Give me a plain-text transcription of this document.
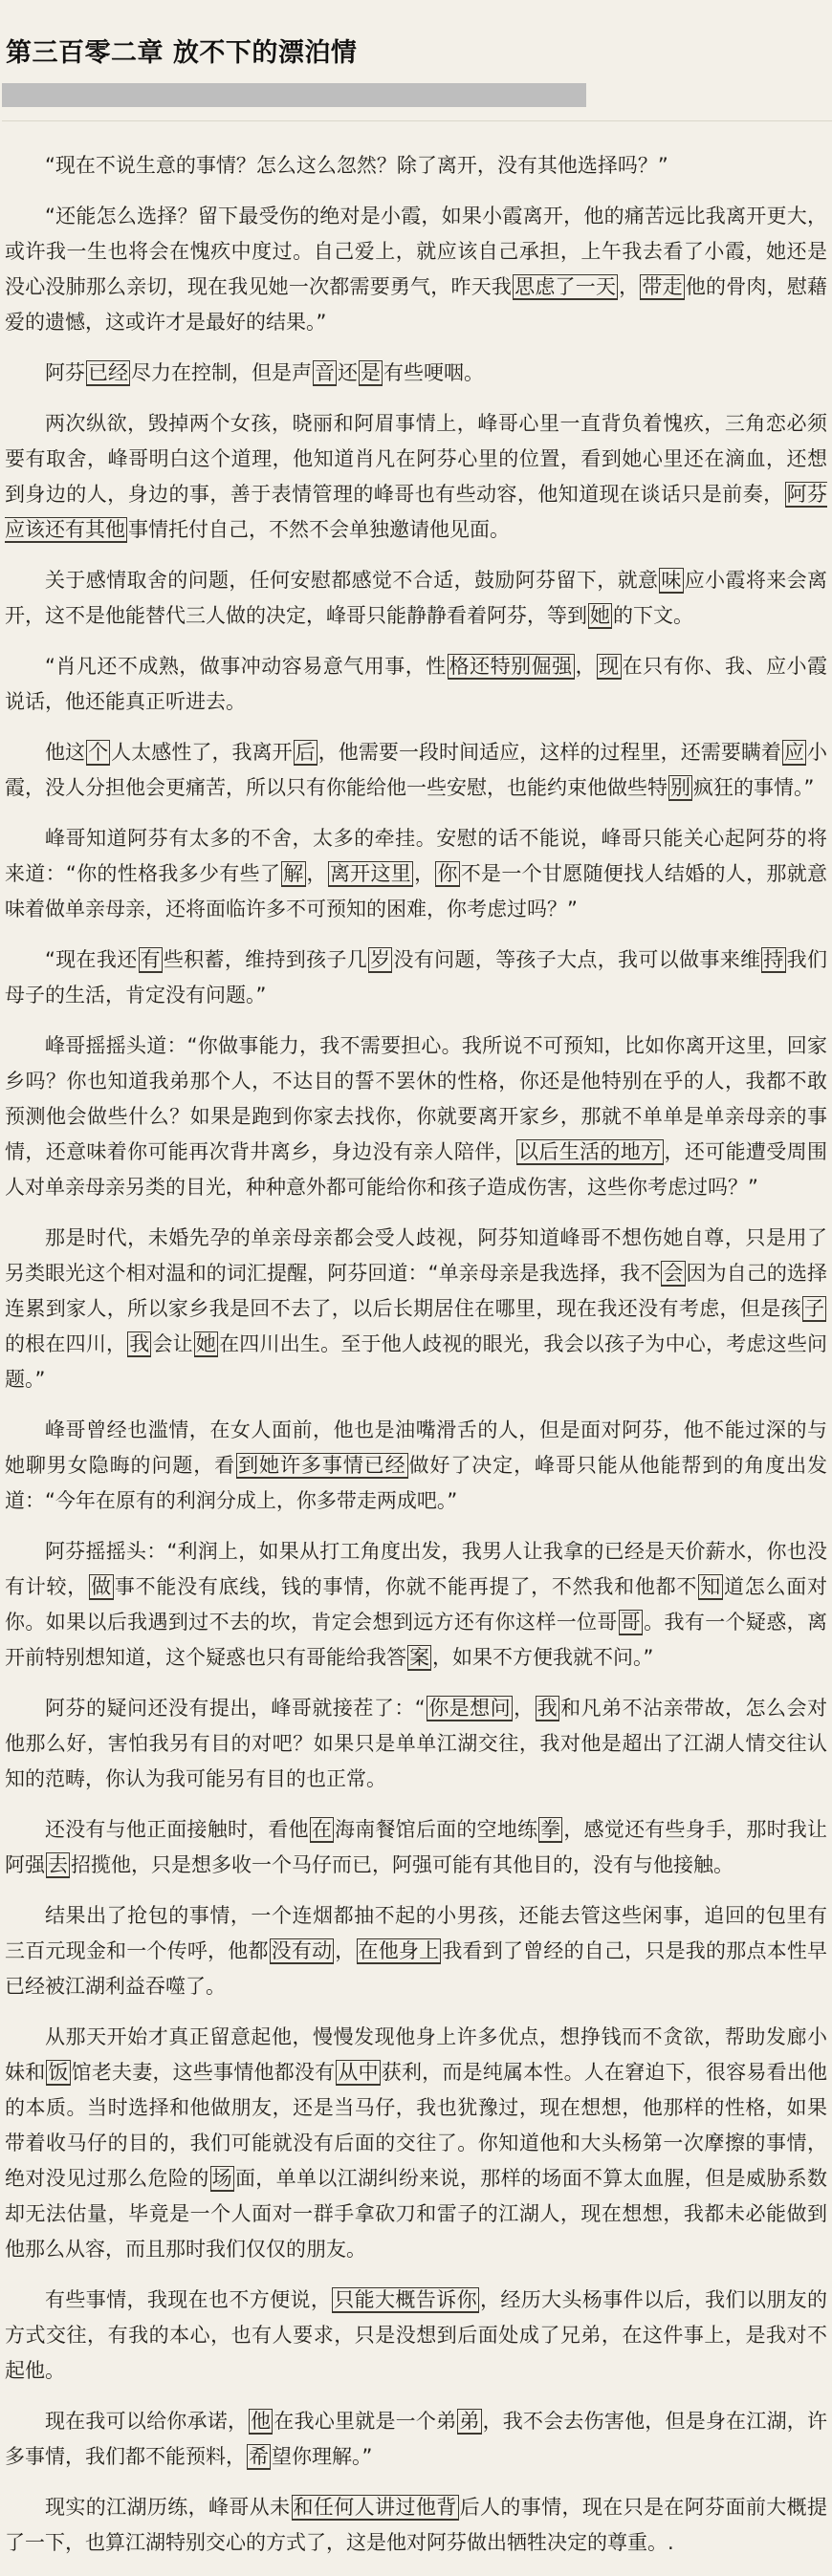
第三百零二章 放不下的漂泊情

“现在不说生意的事情？怎么这么忽然？除了离开，没有其他选择吗？”

“还能怎么选择？留下最受伤的绝对是小霞，如果小霞离开，他的痛苦远比我离开更大，或许我一生也将会在愧疚中度过。自己爱上，就应该自己承担，上午我去看了小霞，她还是没心没肺那么亲切，现在我见她一次都需要勇气，昨天我 思虑了一天 ， 带走 他的骨肉，慰藉爱的遗憾，这或许才是最好的结果。”

阿芬 已经 尽力在控制，但是声 音 还 是 有些哽咽。

两次纵欲，毁掉两个女孩，晓丽和阿眉事情上，峰哥心里一直背负着愧疚，三角恋必须要有取舍，峰哥明白这个道理，他知道肖凡在阿芬心里的位置，看到她心里还在滴血，还想到身边的人，身边的事，善于表情管理的峰哥也有些动容，他知道现在谈话只是前奏， 阿芬应该还有其他 事情托付自己，不然不会单独邀请他见面。

关于感情取舍的问题，任何安慰都感觉不合适，鼓励阿芬留下，就意 味 应小霞将来会离开，这不是他能替代三人做的决定，峰哥只能静静看着阿芬，等到 她 的下文。

“肖凡还不成熟，做事冲动容易意气用事，性 格还特别倔强 ， 现 在只有你、我、应小霞说话，他还能真正听进去。

他这 个 人太感性了，我离开 后 ，他需要一段时间适应，这样的过程里，还需要瞒着 应 小霞，没人分担他会更痛苦，所以只有你能给他一些安慰，也能约束他做些特 别 疯狂的事情。”

峰哥知道阿芬有太多的不舍，太多的牵挂。安慰的话不能说，峰哥只能关心起阿芬的将来道：“你的性格我多少有些了 解 ， 离开这里 ， 你 不是一个甘愿随便找人结婚的人，那就意味着做单亲母亲，还将面临许多不可预知的困难，你考虑过吗？”

“现在我还 有 些积蓄，维持到孩子几 岁 没有问题，等孩子大点，我可以做事来维 持 我们母子的生活，肯定没有问题。”

峰哥摇摇头道：“你做事能力，我不需要担心。我所说不可预知，比如你离开这里，回家乡吗？你也知道我弟那个人，不达目的誓不罢休的性格，你还是他特别在乎的人，我都不敢预测他会做些什么？如果是跑到你家去找你，你就要离开家乡，那就不单单是单亲母亲的事情，还意味着你可能再次背井离乡，身边没有亲人陪伴， 以后生活的地方 ，还可能遭受周围人对单亲母亲另类的目光，种种意外都可能给你和孩子造成伤害，这些你考虑过吗？”

那是时代，未婚先孕的单亲母亲都会受人歧视，阿芬知道峰哥不想伤她自尊，只是用了另类眼光这个相对温和的词汇提醒，阿芬回道：“单亲母亲是我选择，我不 会 因为自己的选择连累到家人，所以家乡我是回不去了，以后长期居住在哪里，现在我还没有考虑，但是孩 子的根在四川， 我 会让 她 在四川出生。至于他人歧视的眼光，我会以孩子为中心，考虑这些问题。”

峰哥曾经也滥情，在女人面前，他也是油嘴滑舌的人，但是面对阿芬，他不能过深的与她聊男女隐晦的问题，看 到她许多事情已经 做好了决定，峰哥只能从他能帮到的角度出发道：“今年在原有的利润分成上，你多带走两成吧。”

阿芬摇摇头：“利润上，如果从打工角度出发，我男人让我拿的已经是天价薪水，你也没有计较， 做 事不能没有底线，钱的事情，你就不能再提了，不然我和他都不 知 道怎么面对你。如果以后我遇到过不去的坎，肯定会想到远方还有你这样一位哥 哥 。我有一个疑惑，离开前特别想知道，这个疑惑也只有哥能给我答 案 ，如果不方便我就不问。”

阿芬的疑问还没有提出，峰哥就接茬了：“ 你是想问 ， 我 和凡弟不沾亲带故，怎么会对他那么好，害怕我另有目的对吧？如果只是单单江湖交往，我对他是超出了江湖人情交往认知的范畴，你认为我可能另有目的也正常。

还没有与他正面接触时，看他 在 海南餐馆后面的空地练 拳 ，感觉还有些身手，那时我让阿强 去 招揽他，只是想多收一个马仔而已，阿强可能有其他目的，没有与他接触。

结果出了抢包的事情，一个连烟都抽不起的小男孩，还能去管这些闲事，追回的包里有三百元现金和一个传呼，他都 没有动 ， 在他身上 我看到了曾经的自己，只是我的那点本性早已经被江湖利益吞噬了。

从那天开始才真正留意起他，慢慢发现他身上许多优点，想挣钱而不贪欲，帮助发廊小妹和 饭 馆老夫妻，这些事情他都没有 从中 获利，而是纯属本性。人在窘迫下，很容易看出他的本质。当时选择和他做朋友，还是当马仔，我也犹豫过，现在想想，他那样的性格，如果带着收马仔的目的，我们可能就没有后面的交往了。你知道他和大头杨第一次摩擦的事情，绝对没见过那么危险的 场 面，单单以江湖纠纷来说，那样的场面不算太血腥，但是威胁系数却无法估量，毕竟是一个人面对一群手拿砍刀和雷子的江湖人，现在想想，我都未必能做到他那么从容，而且那时我们仅仅的朋友。

有些事情，我现在也不方便说， 只能大概告诉你 ，经历大头杨事件以后，我们以朋友的方式交往，有我的本心，也有人要求，只是没想到后面处成了兄弟，在这件事上，是我对不起他。

现在我可以给你承诺， 他 在我心里就是一个弟 弟 ，我不会去伤害他，但是身在江湖，许多事情，我们都不能预料， 希 望你理解。”

现实的江湖历练，峰哥从未 和任何人讲过他背 后人的事情，现在只是在阿芬面前大概提了一下，也算江湖特别交心的方式了，这是他对阿芬做出牺牲决定的尊重。.
